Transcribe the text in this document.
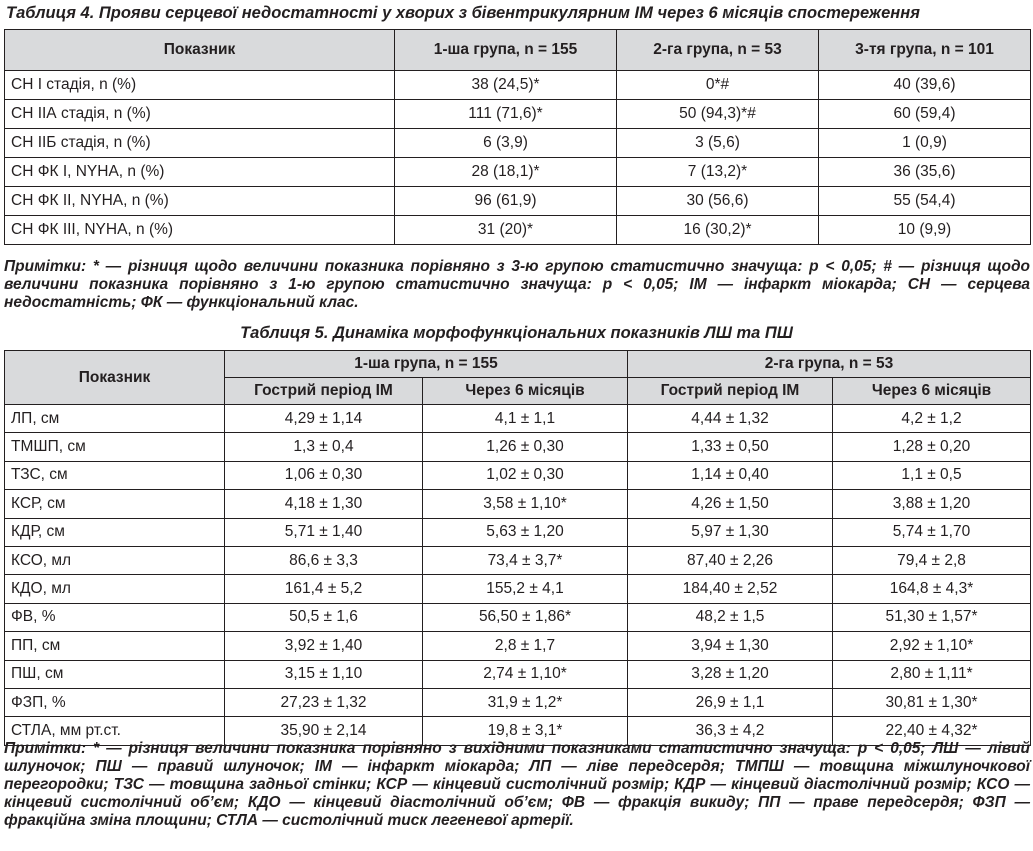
Таблиця 4. Прояви серцевої недостатності у хворих з бівентрикулярним ІМ через 6 місяців спостереження
Показник	1-ша група, n = 155	2-га група, n = 53	3-тя група, n = 101
СН І стадія, n (%)	38 (24,5)*	0*#	40 (39,6)
СН ІІА стадія, n (%)	111 (71,6)*	50 (94,3)*#	60 (59,4)
СН ІІБ стадія, n (%)	6 (3,9)	3 (5,6)	1 (0,9)
СН ФК I, NYHA, n (%)	28 (18,1)*	7 (13,2)*	36 (35,6)
СН ФК II, NYHA, n (%)	96 (61,9)	30 (56,6)	55 (54,4)
СН ФК III, NYHA, n (%)	31 (20)*	16 (30,2)*	10 (9,9)
Примітки: * — різниця щодо величини показника порівняно з 3-ю групою статистично значуща: p < 0,05; # — різниця щодо величини показника порівняно з 1-ю групою статистично значуща: p < 0,05; ІМ — інфаркт міокарда; СН — серцева недостатність; ФК — функціональний клас.
Таблиця 5. Динаміка морфофункціональних показників ЛШ та ПШ
Показник	1-ша група, n = 155		2-га група, n = 53	
	Гострий період ІМ	Через 6 місяців	Гострий період ІМ	Через 6 місяців
ЛП, см	4,29 ± 1,14	4,1 ± 1,1	4,44 ± 1,32	4,2 ± 1,2
ТМШП, см	1,3 ± 0,4	1,26 ± 0,30	1,33 ± 0,50	1,28 ± 0,20
ТЗС, см	1,06 ± 0,30	1,02 ± 0,30	1,14 ± 0,40	1,1 ± 0,5
КСР, см	4,18 ± 1,30	3,58 ± 1,10*	4,26 ± 1,50	3,88 ± 1,20
КДР, см	5,71 ± 1,40	5,63 ± 1,20	5,97 ± 1,30	5,74 ± 1,70
КСО, мл	86,6 ± 3,3	73,4 ± 3,7*	87,40 ± 2,26	79,4 ± 2,8
КДО, мл	161,4 ± 5,2	155,2 ± 4,1	184,40 ± 2,52	164,8 ± 4,3*
ФВ, %	50,5 ± 1,6	56,50 ± 1,86*	48,2 ± 1,5	51,30 ± 1,57*
ПП, см	3,92 ± 1,40	2,8 ± 1,7	3,94 ± 1,30	2,92 ± 1,10*
ПШ, см	3,15 ± 1,10	2,74 ± 1,10*	3,28 ± 1,20	2,80 ± 1,11*
ФЗП, %	27,23 ± 1,32	31,9 ± 1,2*	26,9 ± 1,1	30,81 ± 1,30*
СТЛА, мм рт.ст.	35,90 ± 2,14	19,8 ± 3,1*	36,3 ± 4,2	22,40 ± 4,32*
Примітки: * — різниця величини показника порівняно з вихідними показниками статистично значуща: p < 0,05; ЛШ — лівий шлуночок; ПШ — правий шлуночок; ІМ — інфаркт міокарда; ЛП — ліве передсердя; ТМПШ — товщина міжшлуночкової перегородки; ТЗС — товщина задньої стінки; КСР — кінцевий систолічний розмір; КДР — кінцевий діастолічний розмір; КСО — кінцевий систолічний об’єм; КДО — кінцевий діастолічний об’єм; ФВ — фракція викиду; ПП — праве передсердя; ФЗП — фракційна зміна площини; СТЛА — систолічний тиск легеневої артерії.
